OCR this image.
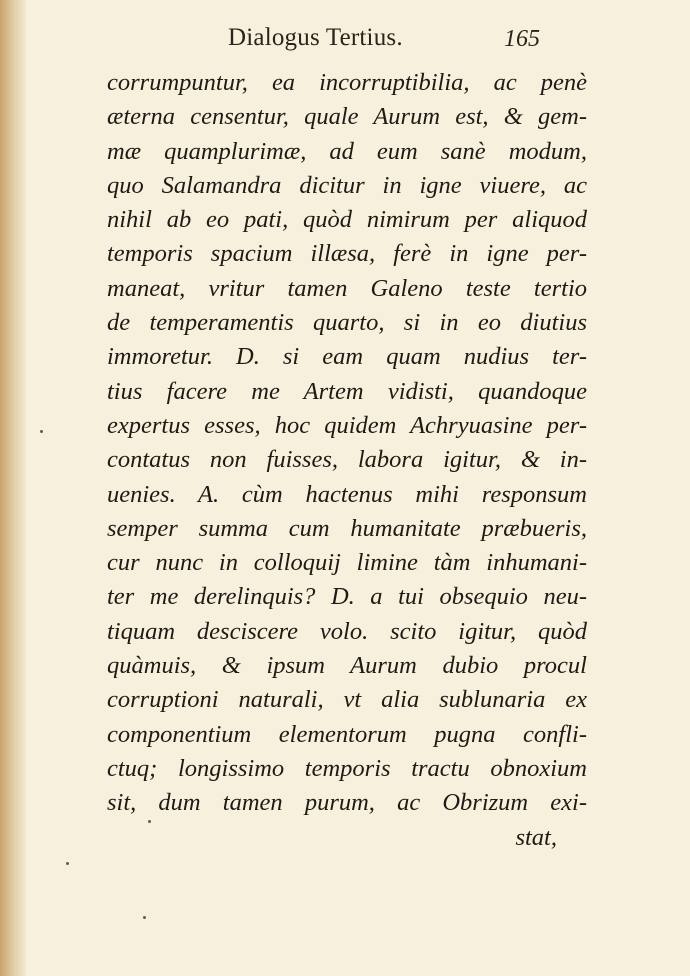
Dialogus Tertius.	165
corrumpuntur, ea incorruptibilia, ac penè
æterna censentur, quale Aurum est, & gem-
mæ quamplurimæ, ad eum sanè modum,
quo Salamandra dicitur in igne viuere, ac
nihil ab eo pati, quòd nimirum per aliquod
temporis spacium illæsa, ferè in igne per-
maneat, vritur tamen Galeno teste tertio
de temperamentis quarto, si in eo diutius
immoretur. D. si eam quam nudius ter-
tius facere me Artem vidisti, quandoque
expertus esses, hoc quidem Achryuasine per-
contatus non fuisses, labora igitur, & in-
uenies. A. cùm hactenus mihi responsum
semper summa cum humanitate præbueris,
cur nunc in colloquij limine tàm inhumani-
ter me derelinquis? D. a tui obsequio neu-
tiquam desciscere volo. scito igitur, quòd
quàmuis, & ipsum Aurum dubio procul
corruptioni naturali, vt alia sublunaria ex
componentium elementorum pugna confli-
ctuq; longissimo temporis tractu obnoxium
sit, dum tamen purum, ac Obrizum exi-
stat,
